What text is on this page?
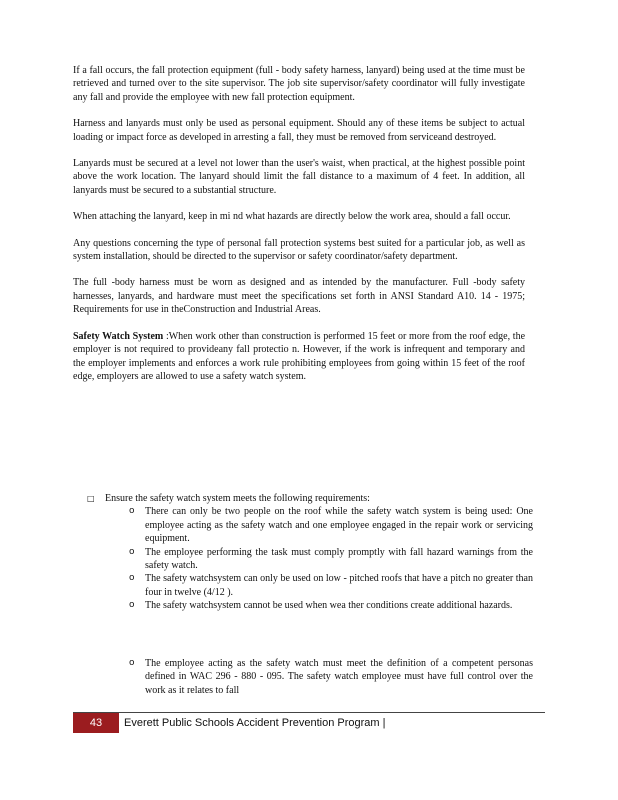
If a fall occurs, the fall protection equipment (full - body safety harness, lanyard) being used at the time must be retrieved and turned over to the site supervisor. The job site supervisor/safety coordinator will fully investigate any fall and provide the employee with new fall protection equipment.

Harness and lanyards must only be used as personal equipment. Should any of these items be subject to actual loading or impact force as developed in arresting a fall, they must be removed from serviceand destroyed.

Lanyards must be secured at a level not lower than the user's waist, when practical, at the highest possible point above the work location. The lanyard should limit the fall distance to a maximum of 4 feet. In addition, all lanyards must be secured to a substantial structure.

When attaching the lanyard, keep in mi nd what hazards are directly below the work area, should a fall occur.

Any questions concerning the type of personal fall protection systems best suited for a particular job, as well as system installation, should be directed to the supervisor or safety coordinator/safety department.

The full -body harness must be worn as designed and as intended by the manufacturer. Full -body safety harnesses, lanyards, and hardware must meet the specifications set forth in ANSI Standard A10. 14 - 1975; Requirements for use in theConstruction and Industrial Areas.

Safety Watch System :When work other than construction is performed 15 feet or more from the roof edge, the employer is not required to provideany fall protectio n. However, if the work is infrequent and temporary and the employer implements and enforces a work rule prohibiting employees from going within 15 feet of the roof edge, employers are allowed to use a safety watch system.

□ Ensure the safety watch system meets the following requirements:

o There can only be two people on the roof while the safety watch system is being used: One employee acting as the safety watch and one employee engaged in the repair work or servicing equipment.
o The employee performing the task must comply promptly with fall hazard warnings from the safety watch.
o The safety watchsystem can only be used on low - pitched roofs that have a pitch no greater than four in twelve (4/12 ).
o The safety watchsystem cannot be used when wea ther conditions create additional hazards.
o The employee acting as the safety watch must meet the definition of a competent personas defined in WAC 296 - 880 - 095. The safety watch employee must have full control over the work as it relates to fall
43	Everett Public Schools Accident Prevention Program |
